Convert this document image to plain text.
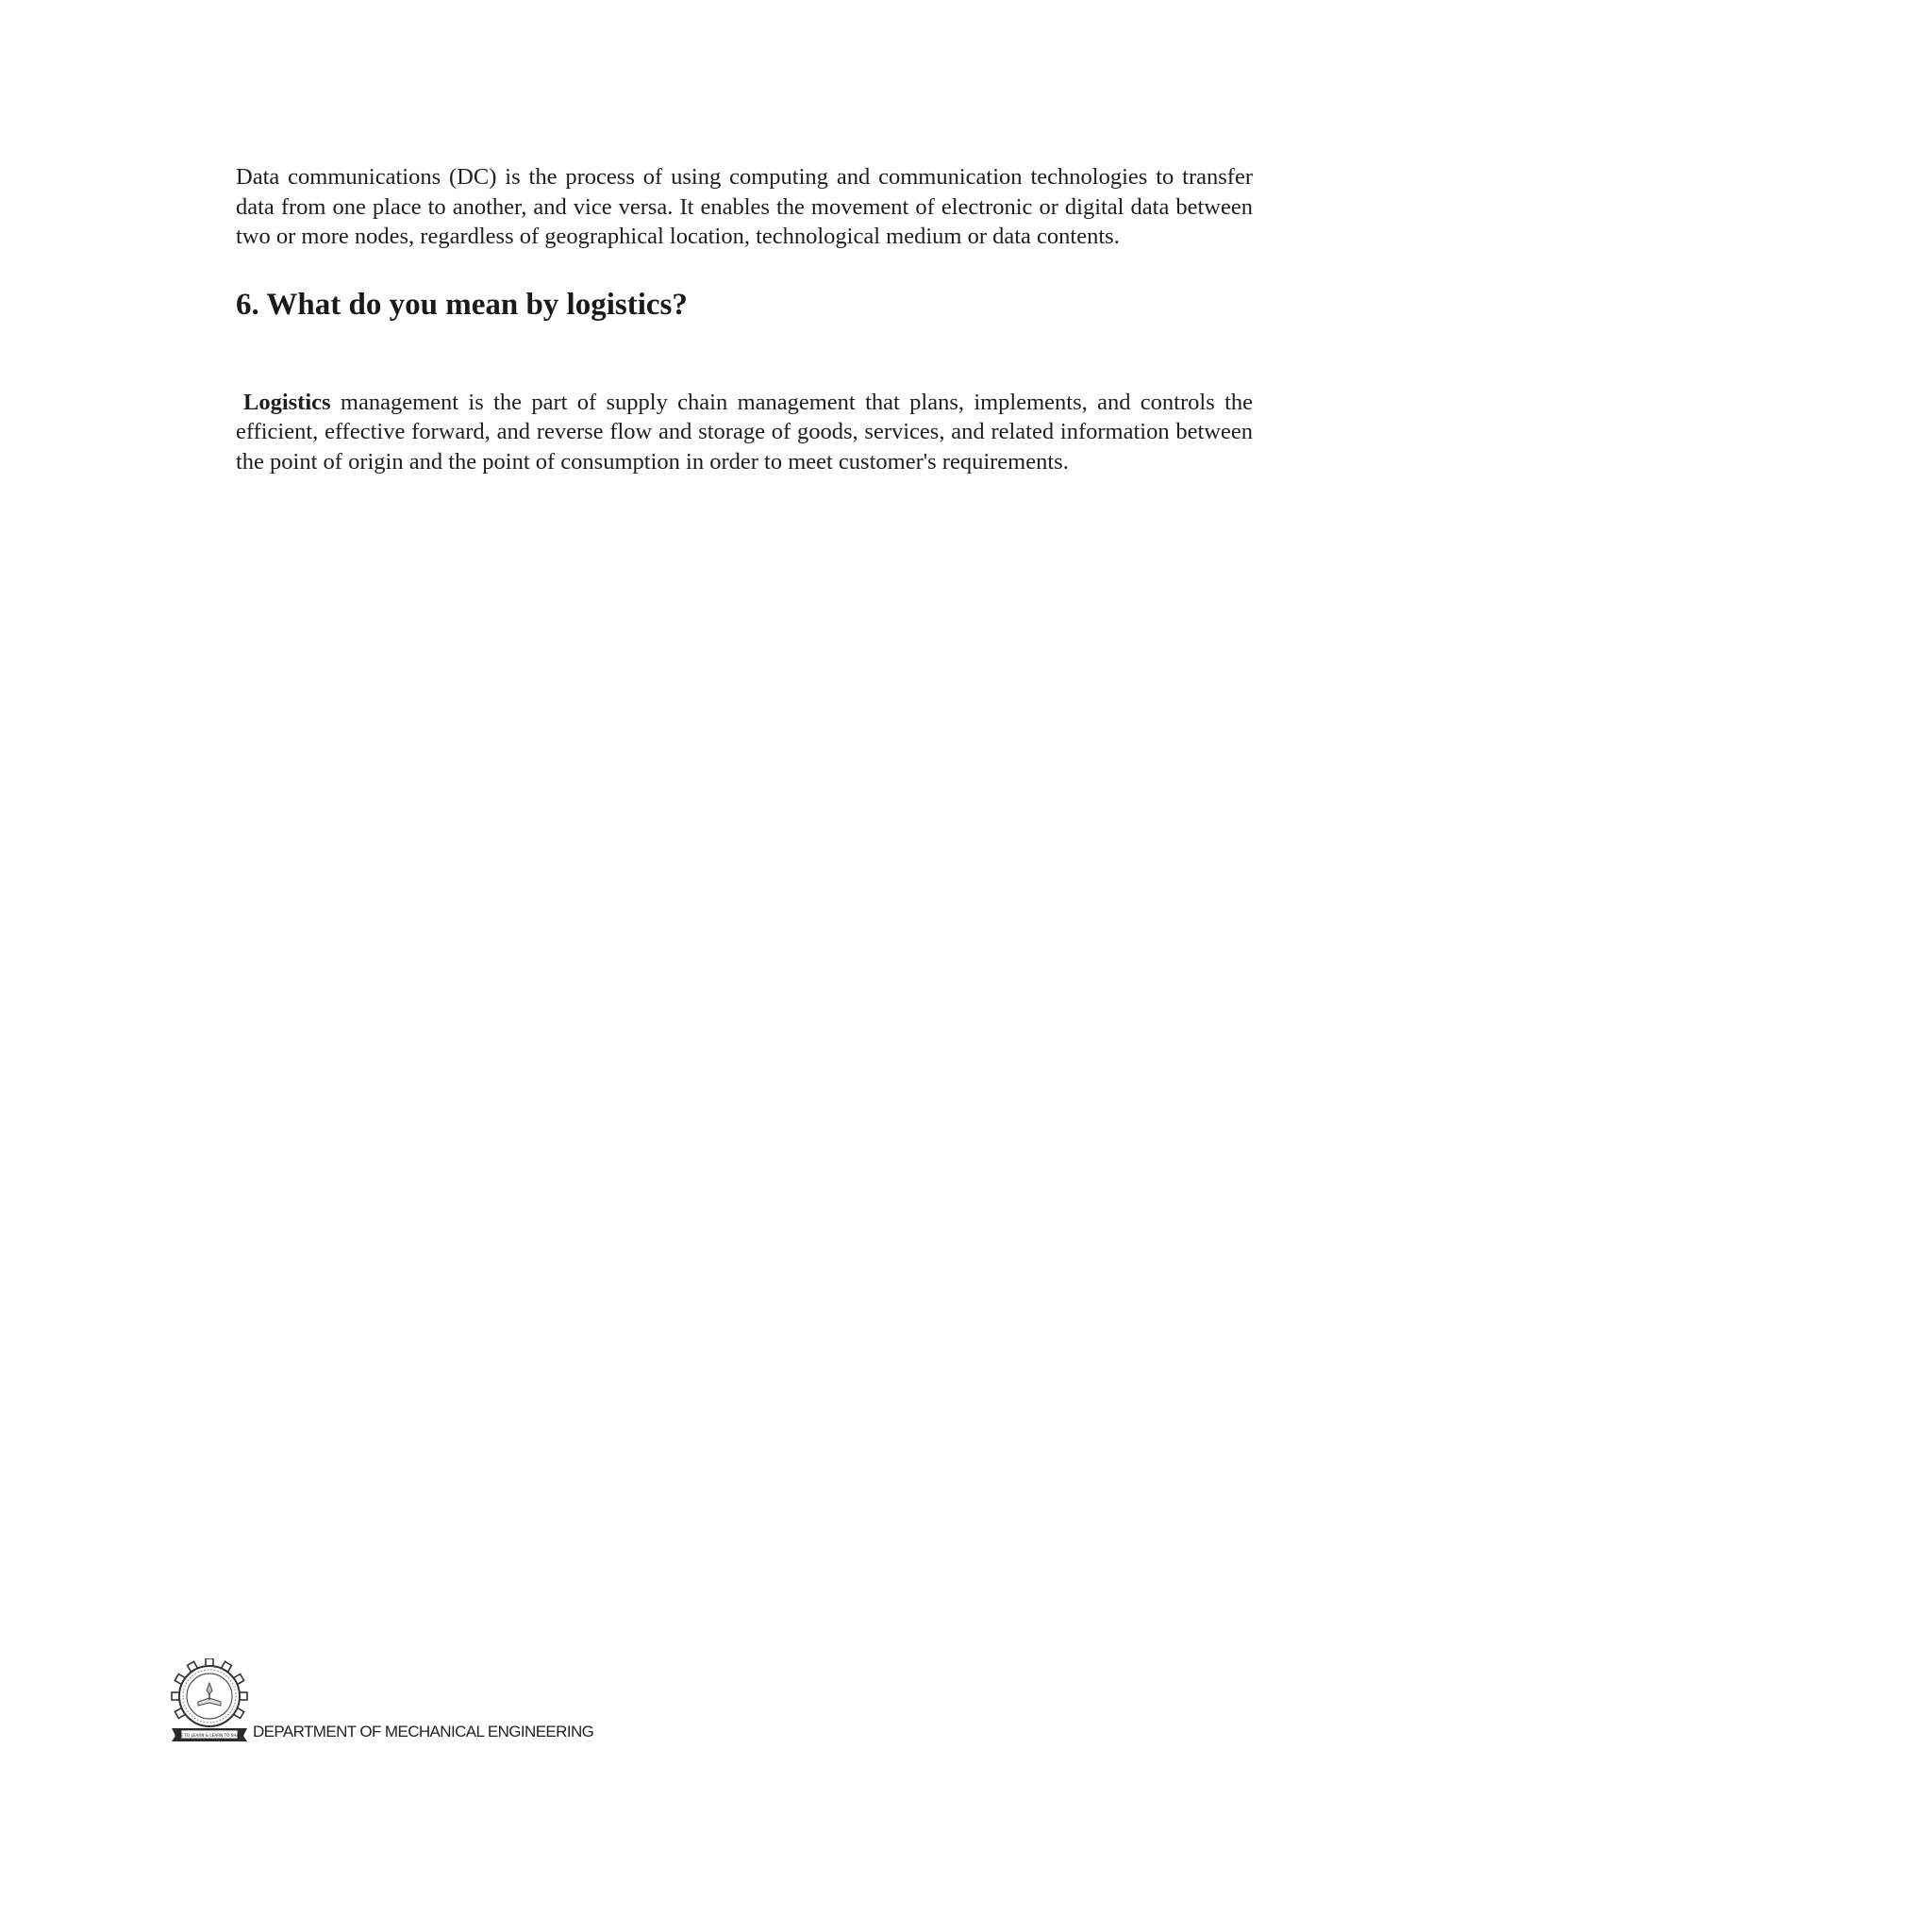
Data communications (DC) is the process of using computing and communication technologies to transfer data from one place to another, and vice versa. It enables the movement of electronic or digital data between two or more nodes, regardless of geographical location, technological medium or data contents.

6. What do you mean by logistics?

Logistics management is the part of supply chain management that plans, implements, and controls the efficient, effective forward, and reverse flow and storage of goods, services, and related information between the point of origin and the point of consumption in order to meet customer's requirements.

LIVE TO LEARN & LEARN TO SHARE DEPARTMENT OF MECHANICAL ENGINEERING
